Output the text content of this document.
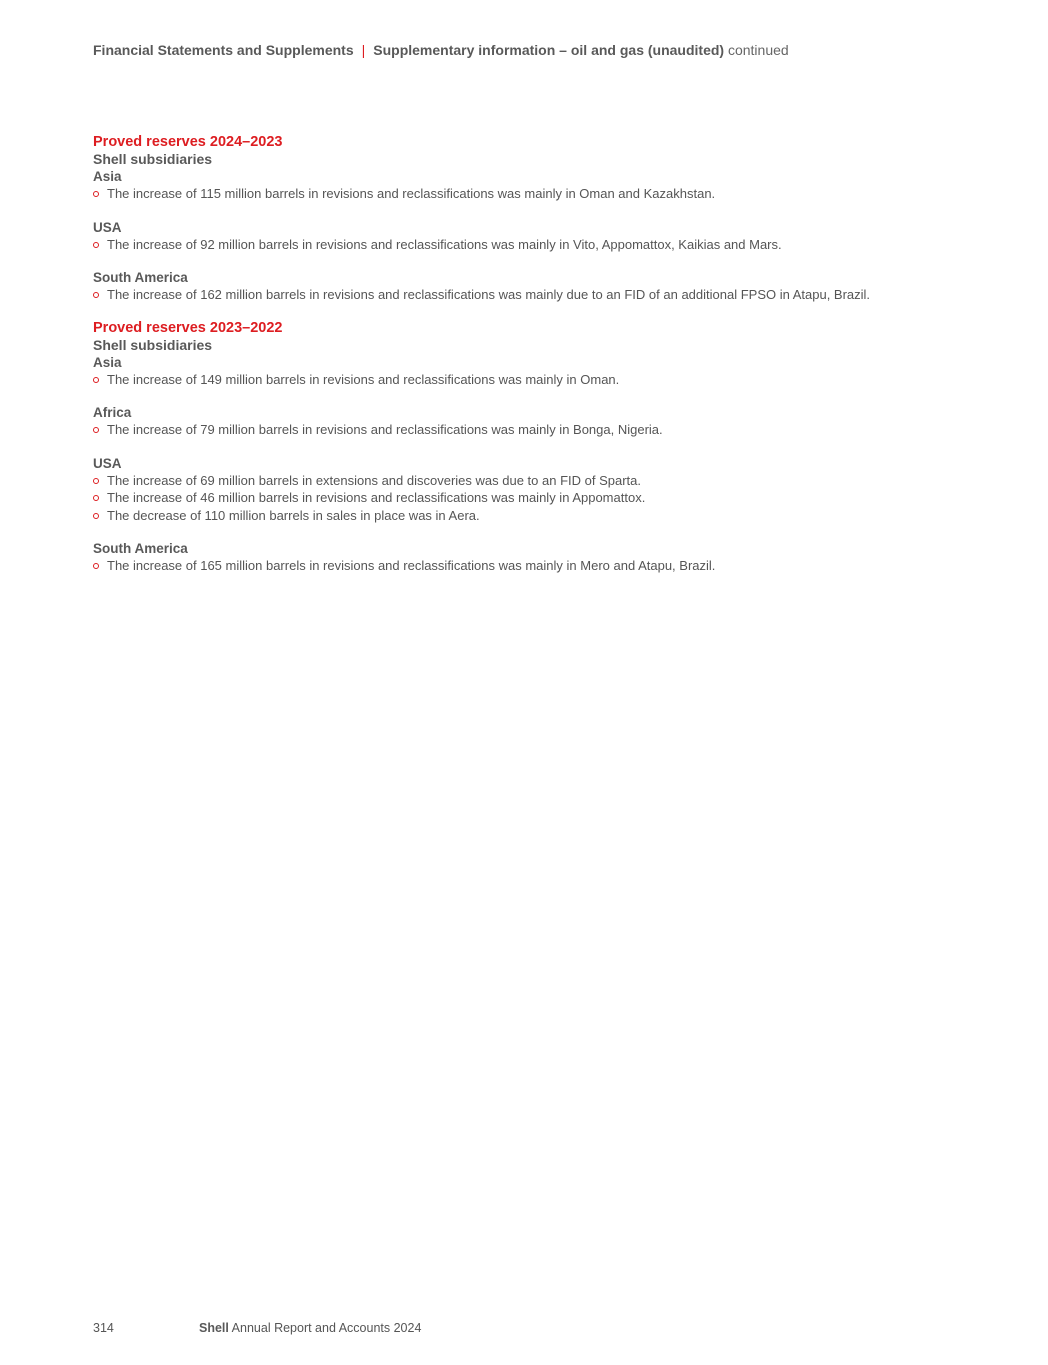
Financial Statements and Supplements | Supplementary information – oil and gas (unaudited) continued
Proved reserves 2024–2023
Shell subsidiaries
Asia
The increase of 115 million barrels in revisions and reclassifications was mainly in Oman and Kazakhstan.
USA
The increase of 92 million barrels in revisions and reclassifications was mainly in Vito, Appomattox, Kaikias and Mars.
South America
The increase of 162 million barrels in revisions and reclassifications was mainly due to an FID of an additional FPSO in Atapu, Brazil.
Proved reserves 2023–2022
Shell subsidiaries
Asia
The increase of 149 million barrels in revisions and reclassifications was mainly in Oman.
Africa
The increase of 79 million barrels in revisions and reclassifications was mainly in Bonga, Nigeria.
USA
The increase of 69 million barrels in extensions and discoveries was due to an FID of Sparta.
The increase of 46 million barrels in revisions and reclassifications was mainly in Appomattox.
The decrease of 110 million barrels in sales in place was in Aera.
South America
The increase of 165 million barrels in revisions and reclassifications was mainly in Mero and Atapu, Brazil.
314	Shell Annual Report and Accounts 2024
